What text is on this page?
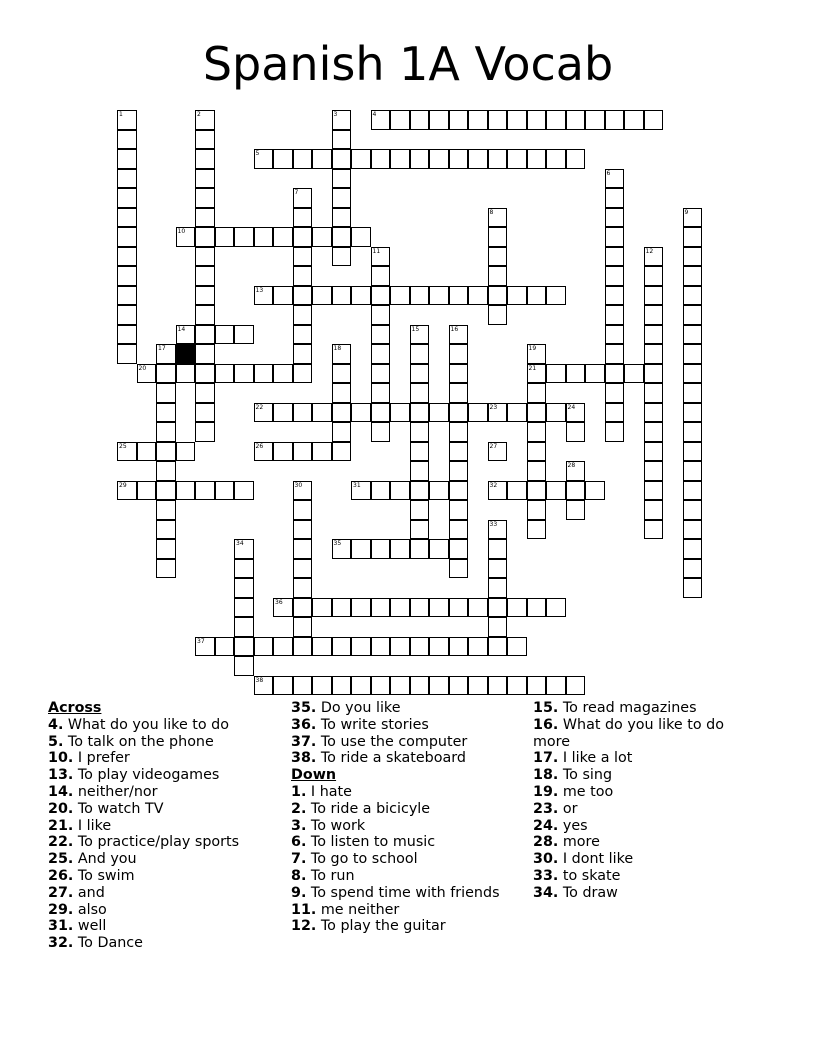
Spanish 1A Vocab
1	2	3	4
5
6
7
8	9
10
11	12
13
14	15	16
17	18	19
21
20
22	23	24
25	26	27
28
29	30	31	32
33
34	35
36
37
38
Across
4. What do you like to do
5. To talk on the phone
10. I prefer
13. To play videogames
14. neither/nor
20. To watch TV
21. I like
22. To practice/play sports
25. And you
26. To swim
27. and
29. also
31. well
32. To Dance
35. Do you like
36. To write stories
37. To use the computer
38. To ride a skateboard
Down
1. I hate
2. To ride a bicicyle
3. To work
6. To listen to music
7. To go to school
8. To run
9. To spend time with friends
11. me neither
12. To play the guitar
15. To read magazines
16. What do you like to do more
17. I like a lot
18. To sing
19. me too
23. or
24. yes
28. more
30. I dont like
33. to skate
34. To draw
